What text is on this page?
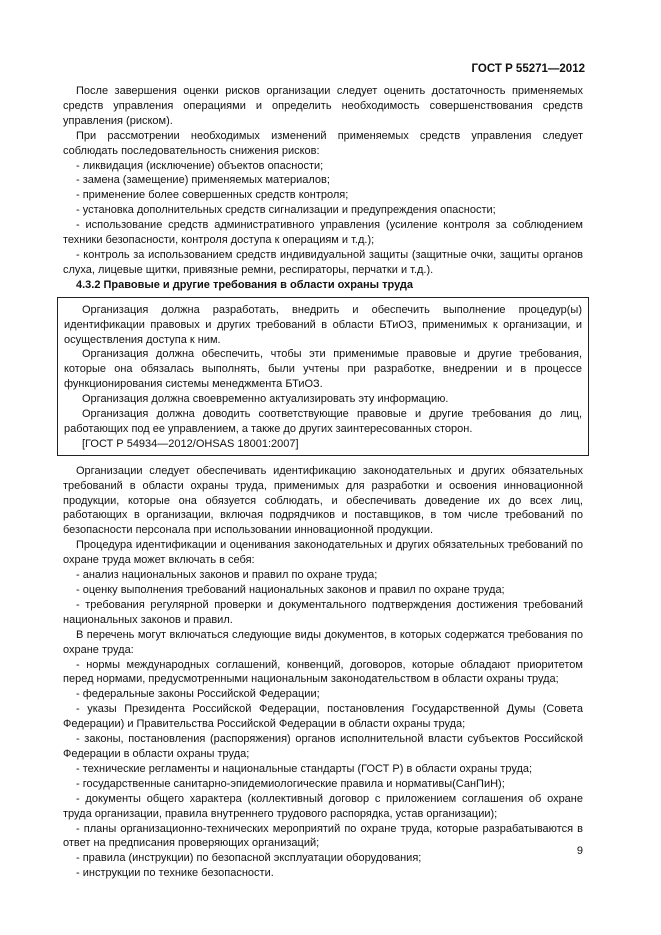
ГОСТ Р 55271—2012

После завершения оценки рисков организации следует оценить достаточность применяемых средств управления операциями и определить необходимость совершенствования средств управления (риском).

При рассмотрении необходимых изменений применяемых средств управления следует соблюдать последовательность снижения рисков:

- ликвидация (исключение) объектов опасности;

- замена (замещение) применяемых материалов;

- применение более совершенных средств контроля;

- установка дополнительных средств сигнализации и предупреждения опасности;

- использование средств административного управления (усиление контроля за соблюдением техники безопасности, контроля доступа к операциям и т.д.);

- контроль за использованием средств индивидуальной защиты (защитные очки, защиты органов слуха, лицевые щитки, привязные ремни, респираторы, перчатки и т.д.).

4.3.2 Правовые и другие требования в области охраны труда

Организация должна разработать, внедрить и обеспечить выполнение процедур(ы) идентификации правовых и других требований в области БТиОЗ, применимых к организации, и осуществления доступа к ним.

Организация должна обеспечить, чтобы эти применимые правовые и другие требования, которые она обязалась выполнять, были учтены при разработке, внедрении и в процессе функционирования системы менеджмента БТиОЗ.

Организация должна своевременно актуализировать эту информацию.

Организация должна доводить соответствующие правовые и другие требования до лиц, работающих под ее управлением, а также до других заинтересованных сторон.

[ГОСТ Р 54934—2012/OHSAS 18001:2007]

Организации следует обеспечивать идентификацию законодательных и других обязательных требований в области охраны труда, применимых для разработки и освоения инновационной продукции, которые она обязуется соблюдать, и обеспечивать доведение их до всех лиц, работающих в организации, включая подрядчиков и поставщиков, в том числе требований по безопасности персонала при использовании инновационной продукции.

Процедура идентификации и оценивания законодательных и других обязательных требований по охране труда может включать в себя:

- анализ национальных законов и правил по охране труда;

- оценку выполнения требований национальных законов и правил по охране труда;

- требования регулярной проверки и документального подтверждения достижения требований национальных законов и правил.

В перечень могут включаться следующие виды документов, в которых содержатся требования по охране труда:

- нормы международных соглашений, конвенций, договоров, которые обладают приоритетом перед нормами, предусмотренными национальным законодательством в области охраны труда;

- федеральные законы Российской Федерации;

- указы Президента Российской Федерации, постановления Государственной Думы (Совета Федерации) и Правительства Российской Федерации в области охраны труда;

- законы, постановления (распоряжения) органов исполнительной власти субъектов Российской Федерации в области охраны труда;

- технические регламенты и национальные стандарты (ГОСТ Р) в области охраны труда;

- государственные санитарно-эпидемиологические правила и нормативы(СанПиН);

- документы общего характера (коллективный договор с приложением соглашения об охране труда организации, правила внутреннего трудового распорядка, устав организации);

- планы организационно-технических мероприятий по охране труда, которые разрабатываются в ответ на предписания проверяющих организаций;

- правила (инструкции) по безопасной эксплуатации оборудования;

- инструкции по технике безопасности.

9
